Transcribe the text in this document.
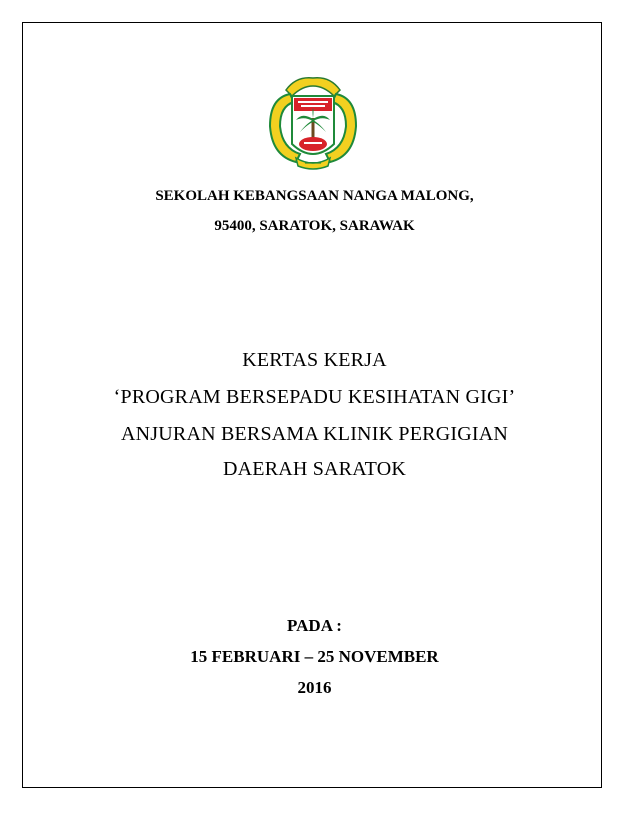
SEKOLAH KEBANGSAAN NANGA MALONG,
95400, SARATOK, SARAWAK
KERTAS KERJA
‘PROGRAM BERSEPADU KESIHATAN GIGI’
ANJURAN BERSAMA KLINIK PERGIGIAN
DAERAH SARATOK
PADA :
15 FEBRUARI – 25 NOVEMBER
2016
